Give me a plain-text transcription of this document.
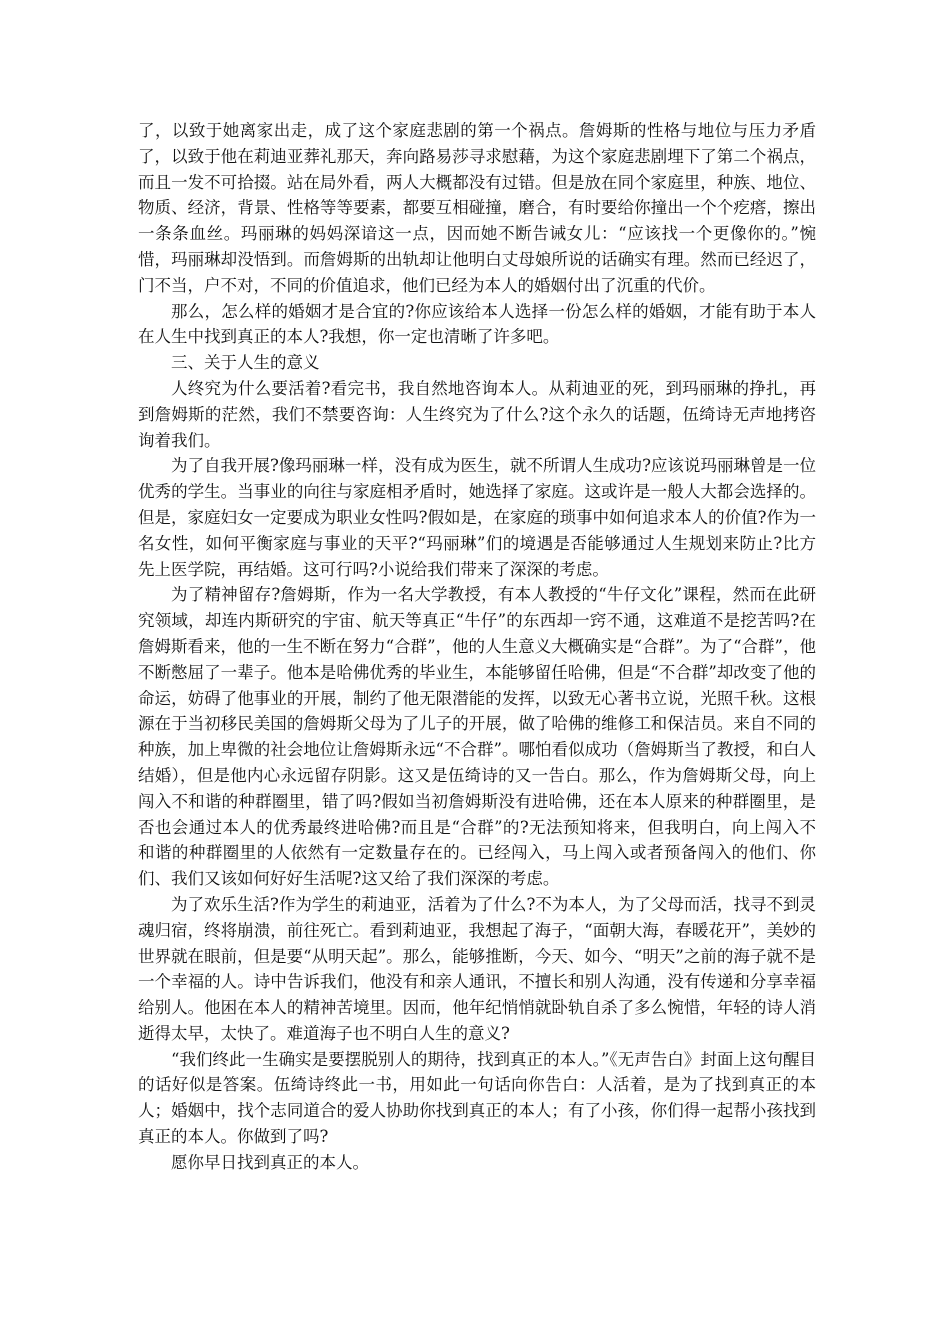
了，以致于她离家出走，成了这个家庭悲剧的第一个祸点。詹姆斯的性格与地位与压力矛盾了，以致于他在莉迪亚葬礼那天，奔向路易莎寻求慰藉，为这个家庭悲剧埋下了第二个祸点，而且一发不可拾掇。站在局外看，两人大概都没有过错。但是放在同个家庭里，种族、地位、物质、经济，背景、性格等等要素，都要互相碰撞，磨合，有时要给你撞出一个个疙瘩，擦出一条条血丝。玛丽琳的妈妈深谙这一点，因而她不断告诫女儿：“应该找一个更像你的。”惋惜，玛丽琳却没悟到。而詹姆斯的出轨却让他明白丈母娘所说的话确实有理。然而已经迟了，门不当，户不对，不同的价值追求，他们已经为本人的婚姻付出了沉重的代价。

那么，怎么样的婚姻才是合宜的?你应该给本人选择一份怎么样的婚姻，才能有助于本人在人生中找到真正的本人?我想，你一定也清晰了许多吧。

三、关于人生的意义

人终究为什么要活着?看完书，我自然地咨询本人。从莉迪亚的死，到玛丽琳的挣扎，再到詹姆斯的茫然，我们不禁要咨询：人生终究为了什么?这个永久的话题，伍绮诗无声地拷咨询着我们。

为了自我开展?像玛丽琳一样，没有成为医生，就不所谓人生成功?应该说玛丽琳曾是一位优秀的学生。当事业的向往与家庭相矛盾时，她选择了家庭。这或许是一般人大都会选择的。但是，家庭妇女一定要成为职业女性吗?假如是，在家庭的琐事中如何追求本人的价值?作为一名女性，如何平衡家庭与事业的天平?“玛丽琳”们的境遇是否能够通过人生规划来防止?比方先上医学院，再结婚。这可行吗?小说给我们带来了深深的考虑。

为了精神留存?詹姆斯，作为一名大学教授，有本人教授的“牛仔文化”课程，然而在此研究领域，却连内斯研究的宇宙、航天等真正“牛仔”的东西却一窍不通，这难道不是挖苦吗?在詹姆斯看来，他的一生不断在努力“合群”，他的人生意义大概确实是“合群”。为了“合群”，他不断憋屈了一辈子。他本是哈佛优秀的毕业生，本能够留任哈佛，但是“不合群”却改变了他的命运，妨碍了他事业的开展，制约了他无限潜能的发挥，以致无心著书立说，光照千秋。这根源在于当初移民美国的詹姆斯父母为了儿子的开展，做了哈佛的维修工和保洁员。来自不同的种族，加上卑微的社会地位让詹姆斯永远“不合群”。哪怕看似成功（詹姆斯当了教授，和白人结婚），但是他内心永远留存阴影。这又是伍绮诗的又一告白。那么，作为詹姆斯父母，向上闯入不和谐的种群圈里，错了吗?假如当初詹姆斯没有进哈佛，还在本人原来的种群圈里，是否也会通过本人的优秀最终进哈佛?而且是“合群”的?无法预知将来，但我明白，向上闯入不和谐的种群圈里的人依然有一定数量存在的。已经闯入，马上闯入或者预备闯入的他们、你们、我们又该如何好好生活呢?这又给了我们深深的考虑。

为了欢乐生活?作为学生的莉迪亚，活着为了什么?不为本人，为了父母而活，找寻不到灵魂归宿，终将崩溃，前往死亡。看到莉迪亚，我想起了海子，“面朝大海，春暖花开”，美妙的世界就在眼前，但是要“从明天起”。那么，能够推断，今天、如今、“明天”之前的海子就不是一个幸福的人。诗中告诉我们，他没有和亲人通讯，不擅长和别人沟通，没有传递和分享幸福给别人。他困在本人的精神苦境里。因而，他年纪悄悄就卧轨自杀了多么惋惜，年轻的诗人消逝得太早，太快了。难道海子也不明白人生的意义?

“我们终此一生确实是要摆脱别人的期待，找到真正的本人。”《无声告白》封面上这句醒目的话好似是答案。伍绮诗终此一书，用如此一句话向你告白：人活着，是为了找到真正的本人；婚姻中，找个志同道合的爱人协助你找到真正的本人；有了小孩，你们得一起帮小孩找到真正的本人。你做到了吗?

愿你早日找到真正的本人。
